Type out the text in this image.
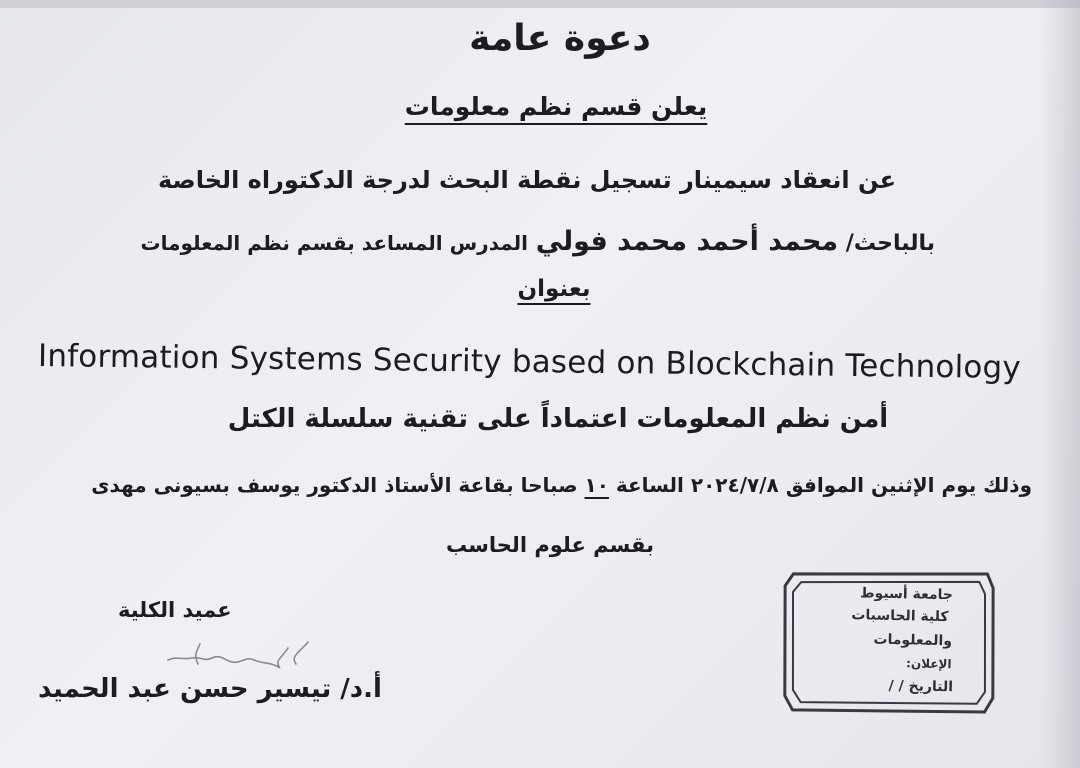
دعوة عامة
يعلن قسم نظم معلومات
عن انعقاد سيمينار تسجيل نقطة البحث لدرجة الدكتوراه الخاصة
بالباحث/ محمد أحمد محمد فولي المدرس المساعد بقسم نظم المعلومات
بعنوان
Information Systems Security based on Blockchain Technology
أمن نظم المعلومات اعتماداً على تقنية سلسلة الكتل
وذلك يوم الإثنين الموافق ٢٠٢٤/٧/٨ الساعة ١٠ صباحا بقاعة الأستاذ الدكتور يوسف بسيونى مهدى
بقسم علوم الحاسب
عميد الكلية
أ.د/ تيسير حسن عبد الحميد
جامعة أسيوط
كلية الحاسبات
والمعلومات
الإعلان:
التاريخ / /
